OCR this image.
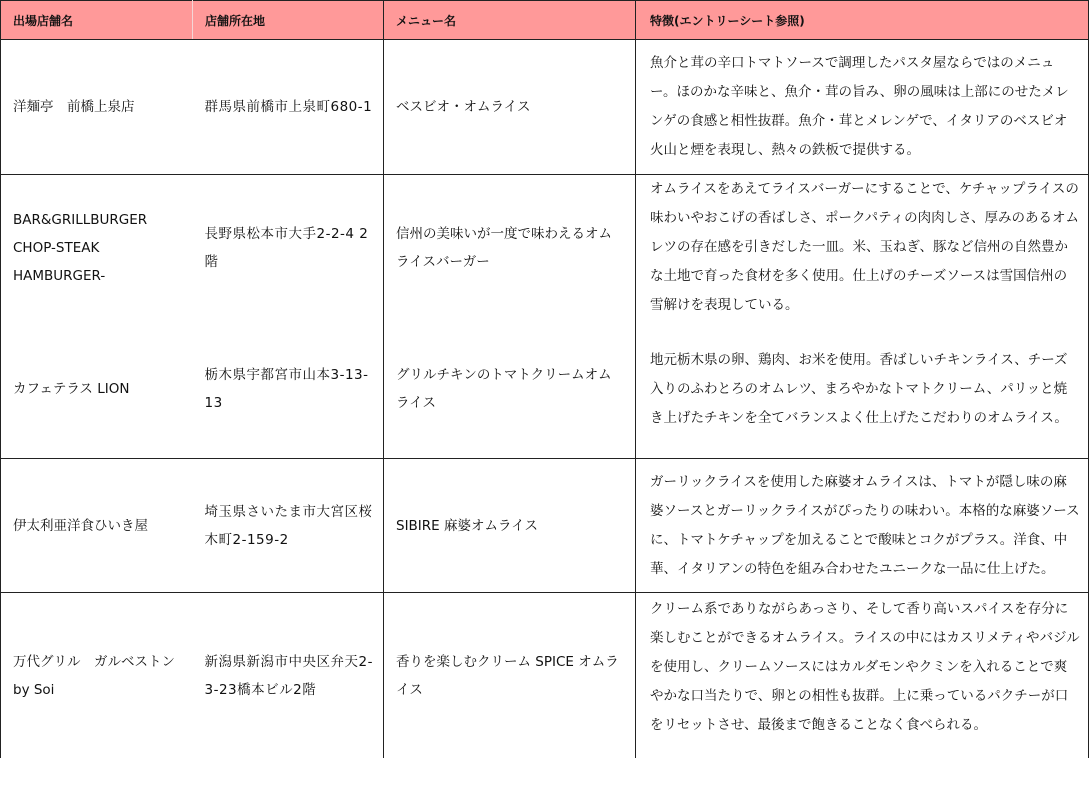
出場店舗名	店舗所在地	メニュー名	特徴(エントリーシート参照)
洋麺亭　前橋上泉店	群馬県前橋市上泉町680-1	ベスビオ・オムライス	魚介と茸の辛口トマトソースで調理したパスタ屋ならではのメニュー。ほのかな辛味と、魚介・茸の旨み、卵の風味は上部にのせたメレンゲの食感と相性抜群。魚介・茸とメレンゲで、イタリアのベスビオ火山と煙を表現し、熱々の鉄板で提供する。

BAR&GRILLBURGER
CHOP-STEAK
HAMBURGER-	長野県松本市大手2-2-4 2階	信州の美味いが一度で味わえるオムライスバーガー	オムライスをあえてライスバーガーにすることで、ケチャップライスの味わいやおこげの香ばしさ、ポークパティの肉肉しさ、厚みのあるオムレツの存在感を引きだした一皿。米、玉ねぎ、豚など信州の自然豊かな土地で育った食材を多く使用。仕上げのチーズソースは雪国信州の雪解けを表現している。
カフェテラス LION	栃木県宇都宮市山本3-13-13	グリルチキンのトマトクリームオムライス	地元栃木県の卵、鶏肉、お米を使用。香ばしいチキンライス、チーズ入りのふわとろのオムレツ、まろやかなトマトクリーム、パリッと焼き上げたチキンを全てバランスよく仕上げたこだわりのオムライス。
伊太利亜洋食ひいき屋	埼玉県さいたま市大宮区桜木町2-159-2	SIBIRE 麻婆オムライス	ガーリックライスを使用した麻婆オムライスは、トマトが隠し味の麻婆ソースとガーリックライスがぴったりの味わい。本格的な麻婆ソースに、トマトケチャップを加えることで酸味とコクがプラス。洋食、中華、イタリアンの特色を組み合わせたユニークな一品に仕上げた。
万代グリル　ガルベストン　 by Soi	新潟県新潟市中央区弁天2-3-23橋本ビル2階	香りを楽しむクリーム SPICE オムライス	クリーム系でありながらあっさり、そして香り高いスパイスを存分に楽しむことができるオムライス。ライスの中にはカスリメティやバジルを使用し、クリームソースにはカルダモンやクミンを入れることで爽やかな口当たりで、卵との相性も抜群。上に乗っているパクチーが口をリセットさせ、最後まで飽きることなく食べられる。
